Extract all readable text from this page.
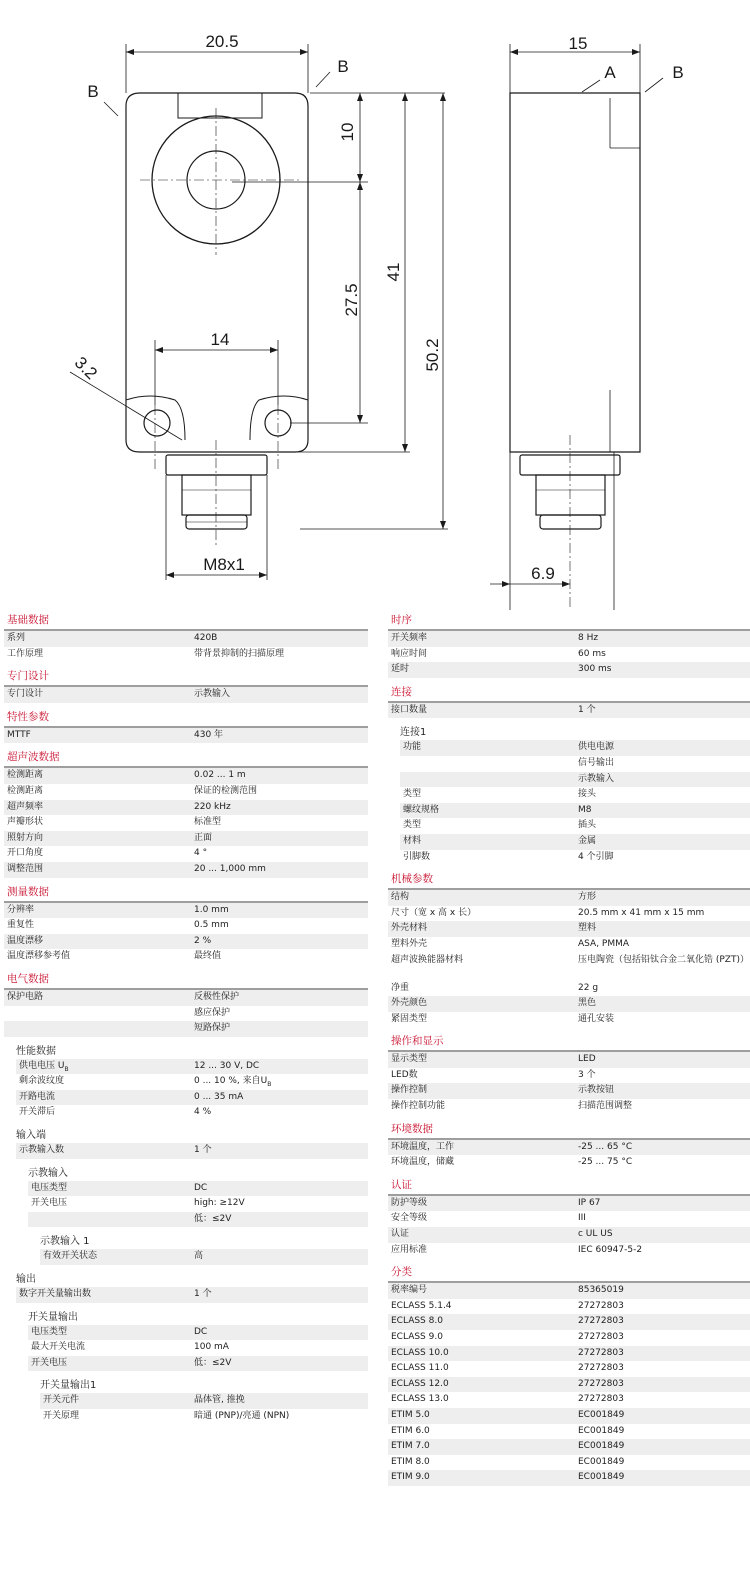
20.5	15
10
27.5
41
50.2
14
3.2
M8x1	6.9
B
B	A	B
基础数据
系列	420B
工作原理	带背景抑制的扫描原理
专门设计
专门设计	示教输入
特性参数
MTTF	430 年
超声波数据
检测距离	0.02 ... 1 m
检测距离	保证的检测范围
超声频率	220 kHz
声瓣形状	标准型
照射方向	正面
开口角度	4 °
调整范围	20 ... 1,000 mm
测量数据
分辨率	1.0 mm
重复性	0.5 mm
温度漂移	2 %
温度漂移参考值	最终值
电气数据
保护电路	反极性保护
感应保护
短路保护
性能数据
供电电压 $U_B$	12 ... 30 V, DC
剩余波纹度	0 ... 10 %, 来自$U_B$
开路电流	0 ... 35 mA
开关滞后	4 %
输入端
示教输入数	1 个
示教输入
电压类型	DC
开关电压	high: ≥12V
低：≤2V
示教输入 1
有效开关状态	高
输出
数字开关量输出数	1 个
开关量输出
电压类型	DC
最大开关电流	100 mA
开关电压	低：≤2V
开关量输出1
开关元件	晶体管, 推挽
开关原理	暗通 (PNP)/亮通 (NPN)
时序
开关频率	8 Hz
响应时间	60 ms
延时	300 ms
连接
接口数量	1 个
连接1
功能	供电电源
信号输出
示教输入
类型	接头
螺纹规格	M8
类型	插头
材料	金属
引脚数	4 个引脚
机械参数
结构	方形
尺寸（宽 x 高 x 长）	20.5 mm x 41 mm x 15 mm
外壳材料	塑料
塑料外壳	ASA, PMMA
超声波换能器材料	压电陶瓷（包括铅钛合金二氧化锆 (PZT)）
净重	22 g
外壳颜色	黑色
紧固类型	通孔安装
操作和显示
显示类型	LED
LED数	3 个
操作控制	示教按钮
操作控制功能	扫描范围调整
环境数据
环境温度，工作	-25 ... 65 °C
环境温度，储藏	-25 ... 75 °C
认证
防护等级	IP 67
安全等级	III
认证	c UL US
应用标准	IEC 60947-5-2
分类
税率编号	85365019
ECLASS 5.1.4	27272803
ECLASS 8.0	27272803
ECLASS 9.0	27272803
ECLASS 10.0	27272803
ECLASS 11.0	27272803
ECLASS 12.0	27272803
ECLASS 13.0	27272803
ETIM 5.0	EC001849
ETIM 6.0	EC001849
ETIM 7.0	EC001849
ETIM 8.0	EC001849
ETIM 9.0	EC001849
